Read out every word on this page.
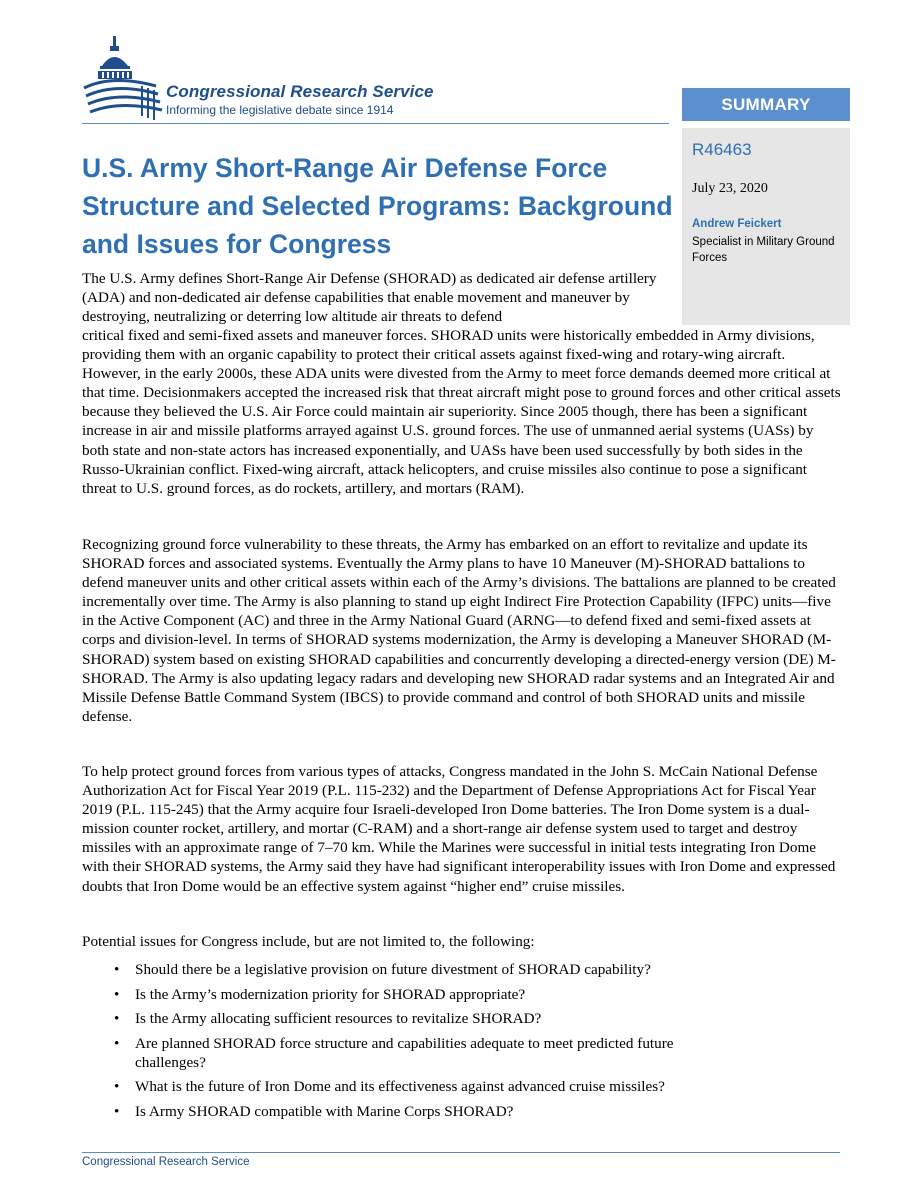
Congressional Research Service
Informing the legislative debate since 1914	SUMMARY
R46463
July 23, 2020
Andrew Feickert
Specialist in Military Ground Forces
U.S. Army Short-Range Air Defense Force Structure and Selected Programs: Background and Issues for Congress

The U.S. Army defines Short-Range Air Defense (SHORAD) as dedicated air defense artillery (ADA) and non-dedicated air defense capabilities that enable movement and maneuver by destroying, neutralizing or deterring low altitude air threats to defend

critical fixed and semi-fixed assets and maneuver forces. SHORAD units were historically embedded in Army divisions, providing them with an organic capability to protect their critical assets against fixed-wing and rotary-wing aircraft. However, in the early 2000s, these ADA units were divested from the Army to meet force demands deemed more critical at that time. Decisionmakers accepted the increased risk that threat aircraft might pose to ground forces and other critical assets because they believed the U.S. Air Force could maintain air superiority. Since 2005 though, there has been a significant increase in air and missile platforms arrayed against U.S. ground forces. The use of unmanned aerial systems (UASs) by both state and non-state actors has increased exponentially, and UASs have been used successfully by both sides in the Russo-Ukrainian conflict. Fixed-wing aircraft, attack helicopters, and cruise missiles also continue to pose a significant threat to U.S. ground forces, as do rockets, artillery, and mortars (RAM).

Recognizing ground force vulnerability to these threats, the Army has embarked on an effort to revitalize and update its SHORAD forces and associated systems. Eventually the Army plans to have 10 Maneuver (M)-SHORAD battalions to defend maneuver units and other critical assets within each of the Army’s divisions. The battalions are planned to be created incrementally over time. The Army is also planning to stand up eight Indirect Fire Protection Capability (IFPC) units—five in the Active Component (AC) and three in the Army National Guard (ARNG—to defend fixed and semi-fixed assets at corps and division-level. In terms of SHORAD systems modernization, the Army is developing a Maneuver SHORAD (M-SHORAD) system based on existing SHORAD capabilities and concurrently developing a directed-energy version (DE) M-SHORAD. The Army is also updating legacy radars and developing new SHORAD radar systems and an Integrated Air and Missile Defense Battle Command System (IBCS) to provide command and control of both SHORAD units and missile defense.

To help protect ground forces from various types of attacks, Congress mandated in the John S. McCain National Defense Authorization Act for Fiscal Year 2019 (P.L. 115-232) and the Department of Defense Appropriations Act for Fiscal Year 2019 (P.L. 115-245) that the Army acquire four Israeli-developed Iron Dome batteries. The Iron Dome system is a dual-mission counter rocket, artillery, and mortar (C-RAM) and a short-range air defense system used to target and destroy missiles with an approximate range of 7–70 km. While the Marines were successful in initial tests integrating Iron Dome with their SHORAD systems, the Army said they have had significant interoperability issues with Iron Dome and expressed doubts that Iron Dome would be an effective system against “higher end” cruise missiles.

Potential issues for Congress include, but are not limited to, the following:

• Should there be a legislative provision on future divestment of SHORAD capability?
• Is the Army’s modernization priority for SHORAD appropriate?
• Is the Army allocating sufficient resources to revitalize SHORAD?
• Are planned SHORAD force structure and capabilities adequate to meet predicted future challenges?
• What is the future of Iron Dome and its effectiveness against advanced cruise missiles?
• Is Army SHORAD compatible with Marine Corps SHORAD?
Congressional Research Service
